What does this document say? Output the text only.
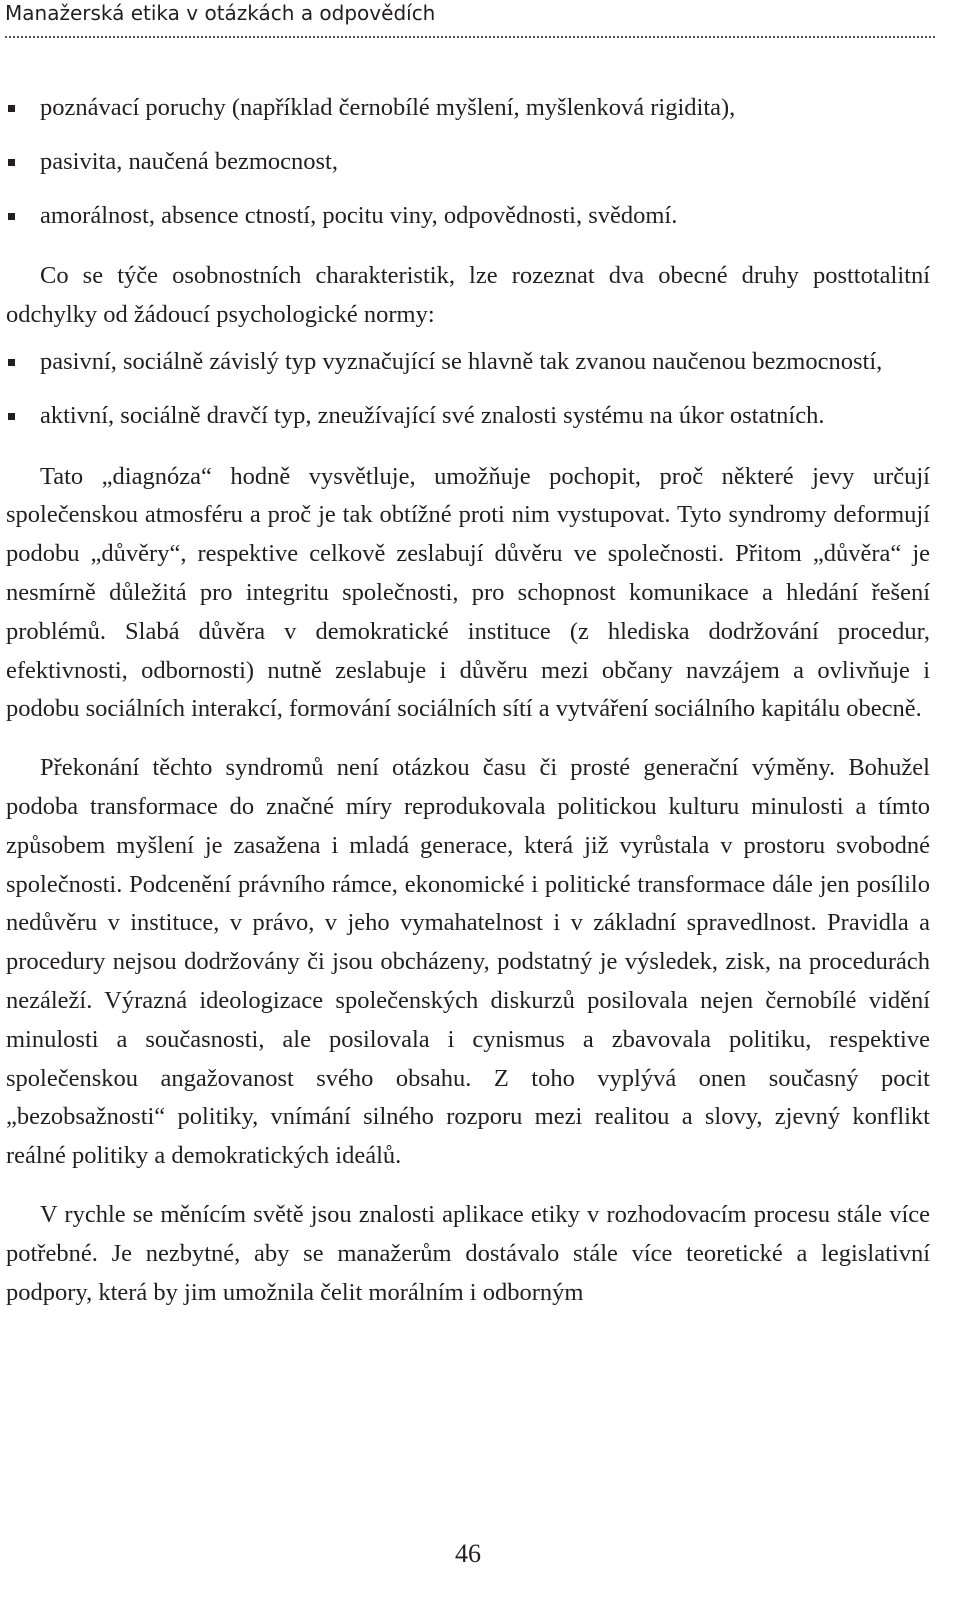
Manažerská etika v otázkách a odpovědích
poznávací poruchy (například černobílé myšlení, myšlenková rigidita),
pasivita, naučená bezmocnost,
amorálnost, absence ctností, pocitu viny, odpovědnosti, svědomí.

Co se týče osobnostních charakteristik, lze rozeznat dva obecné druhy posttotalitní odchylky od žádoucí psychologické normy:

pasivní, sociálně závislý typ vyznačující se hlavně tak zvanou naučenou bezmocností,
aktivní, sociálně dravčí typ, zneužívající své znalosti systému na úkor ostatních.

Tato „diagnóza“ hodně vysvětluje, umožňuje pochopit, proč některé jevy určují společenskou atmosféru a proč je tak obtížné proti nim vystupovat. Tyto syndromy deformují podobu „důvěry“, respektive celkově zeslabují důvěru ve společnosti. Přitom „důvěra“ je nesmírně důležitá pro integritu společnosti, pro schopnost komunikace a hledání řešení problémů. Slabá důvěra v demokratické instituce (z hlediska dodržování procedur, efektivnosti, odbornosti) nutně zeslabuje i důvěru mezi občany navzájem a ovlivňuje i podobu sociálních interakcí, formování sociálních sítí a vytváření sociálního kapitálu obecně.

Překonání těchto syndromů není otázkou času či prosté generační výměny. Bohužel podoba transformace do značné míry reprodukovala politickou kulturu minulosti a tímto způsobem myšlení je zasažena i mladá generace, která již vyrůstala v prostoru svobodné společnosti. Podcenění právního rámce, ekonomické i politické transformace dále jen posílilo nedůvěru v instituce, v právo, v jeho vymahatelnost i v základní spravedlnost. Pravidla a procedury nejsou dodržovány či jsou obcházeny, podstatný je výsledek, zisk, na procedurách nezáleží. Výrazná ideologizace společenských diskurzů posilovala nejen černobílé vidění minulosti a současnosti, ale posilovala i cynismus a zbavovala politiku, respektive společenskou angažovanost svého obsahu. Z toho vyplývá onen současný pocit „bezobsažnosti“ politiky, vnímání silného rozporu mezi realitou a slovy, zjevný konflikt reálné politiky a demokratických ideálů.

V rychle se měnícím světě jsou znalosti aplikace etiky v rozhodovacím procesu stále více potřebné. Je nezbytné, aby se manažerům dostávalo stále více teoretické a legislativní podpory, která by jim umožnila čelit morálním i odborným

46
